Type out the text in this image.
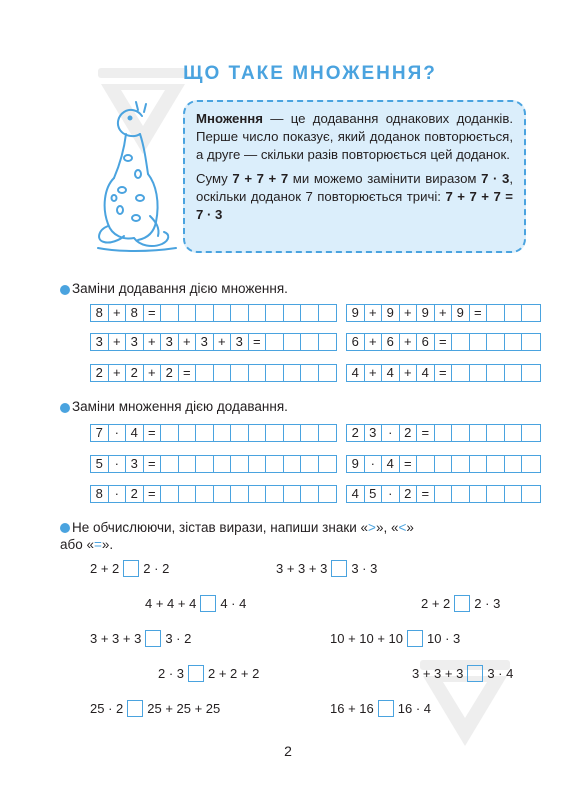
ЩО ТАКЕ МНОЖЕННЯ?

Множення — це додавання однакових доданків. Перше число показує, який доданок повторюється, а друге — скільки разів повторюється цей доданок.

Суму 7 + 7 + 7 ми можемо замінити виразом 7 · 3, оскільки доданок 7 повторюється тричі: 7 + 7 + 7 = 7 · 3

Заміни додавання дією множення.
8 + 8 =	9 + 9 + 9 + 9 =
3 + 3 + 3 + 3 + 3 =	6 + 6 + 6 =
2 + 2 + 2 =	4 + 4 + 4 =
Заміни множення дією додавання.
7 · 4 =	2 3 · 2 =
5 · 3 =	9 · 4 =
8 · 2 =	4 5 · 2 =
Не обчислюючи, зістав вирази, напиши знаки «>», «<»
або «=».
2 + 2 2 · 2	3 + 3 + 3 3 · 3
4 + 4 + 4 4 · 4	2 + 2 2 · 3
3 + 3 + 3 3 · 2	10 + 10 + 10 10 · 3
2 · 3 2 + 2 + 2	3 + 3 + 3 3 · 4
25 · 2 25 + 25 + 25	16 + 16 16 · 4
2
